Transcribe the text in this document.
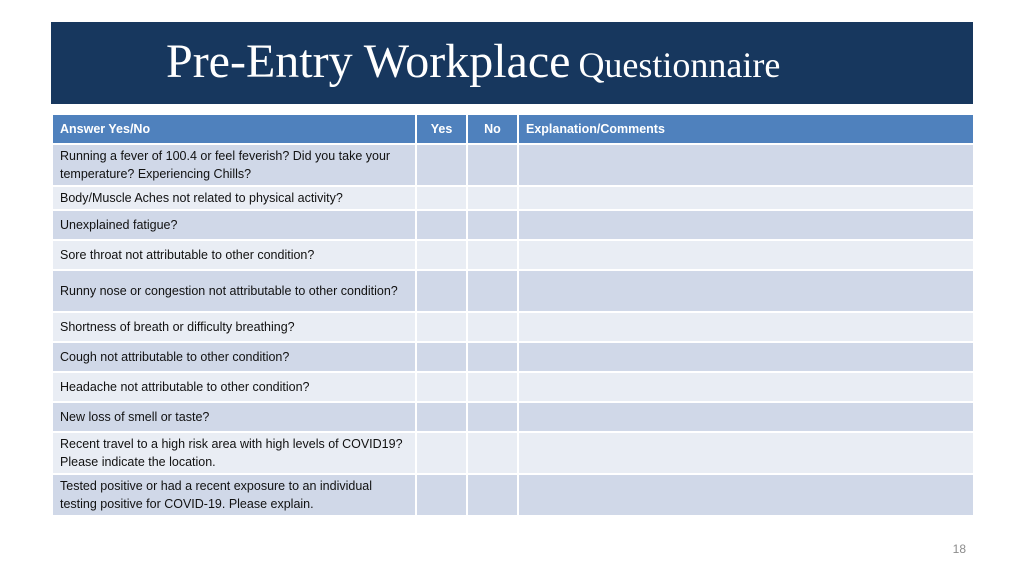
Pre-Entry Workplace Questionnaire
Answer Yes/No	Yes	No	Explanation/Comments
Running a fever of 100.4 or feel feverish? Did you take your temperature? Experiencing Chills?			
Body/Muscle Aches not related to physical activity?			
Unexplained fatigue?			
Sore throat not attributable to other condition?			
Runny nose or congestion not attributable to other condition?			
Shortness of breath or difficulty breathing?			
Cough not attributable to other condition?			
Headache not attributable to other condition?			
New loss of smell or taste?			
Recent travel to a high risk area with high levels of COVID19? Please indicate the location.			
Tested positive or had a recent exposure to an individual testing positive for COVID-19. Please explain.			
18
